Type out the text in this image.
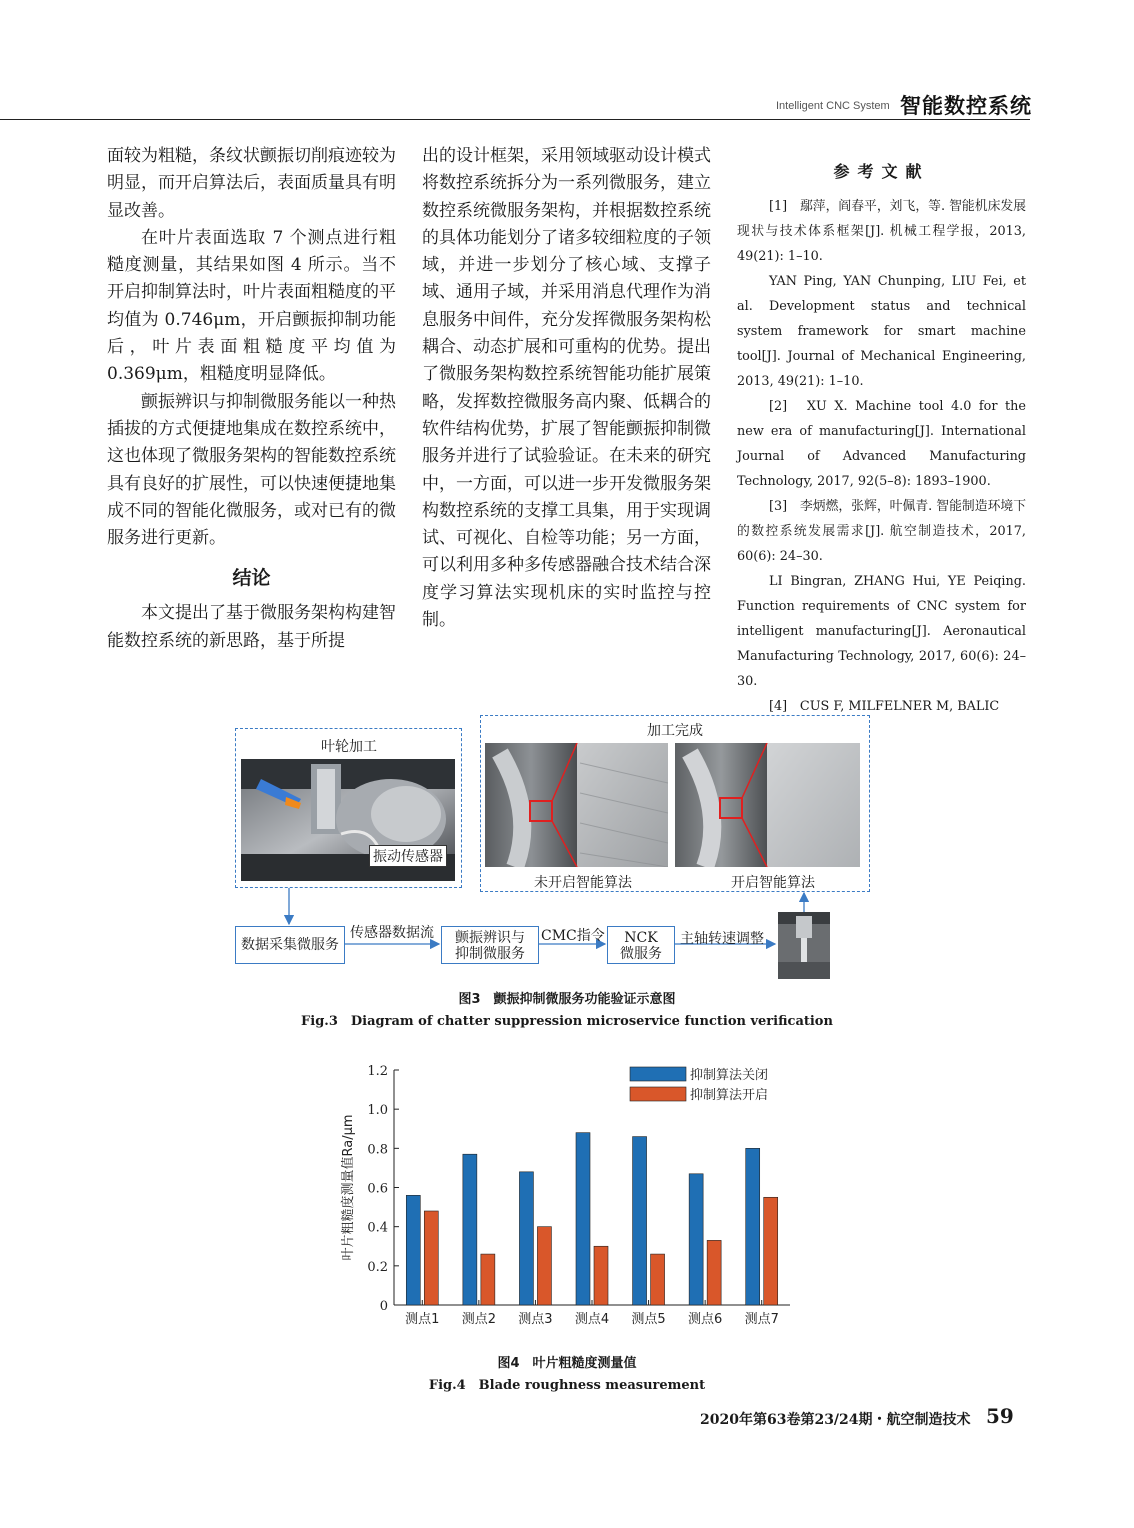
Intelligent CNC System 智能数控系统

面较为粗糙，条纹状颤振切削痕迹较为明显，而开启算法后，表面质量具有明显改善。

在叶片表面选取 7 个测点进行粗糙度测量，其结果如图 4 所示。当不开启抑制算法时，叶片表面粗糙度的平均值为 0.746μm，开启颤振抑制功能后，叶片表面粗糙度平均值为 0.369μm，粗糙度明显降低。

颤振辨识与抑制微服务能以一种热插拔的方式便捷地集成在数控系统中，这也体现了微服务架构的智能数控系统具有良好的扩展性，可以快速便捷地集成不同的智能化微服务，或对已有的微服务进行更新。

结论

本文提出了基于微服务架构构建智能数控系统的新思路，基于所提

出的设计框架，采用领域驱动设计模式将数控系统拆分为一系列微服务，建立数控系统微服务架构，并根据数控系统的具体功能划分了诸多较细粒度的子领域，并进一步划分了核心域、支撑子域、通用子域，并采用消息代理作为消息服务中间件，充分发挥微服务架构松耦合、动态扩展和可重构的优势。提出了微服务架构数控系统智能功能扩展策略，发挥数控微服务高内聚、低耦合的软件结构优势，扩展了智能颤振抑制微服务并进行了试验验证。在未来的研究中，一方面，可以进一步开发微服务架构数控系统的支撑工具集，用于实现调试、可视化、自检等功能；另一方面，可以利用多种多传感器融合技术结合深度学习算法实现机床的实时监控与控制。

参考文献

[1]　鄢萍，阎春平，刘飞，等. 智能机床发展现状与技术体系框架[J]. 机械工程学报，2013, 49(21): 1–10.

YAN Ping, YAN Chunping, LIU Fei, et al. Development status and technical system framework for smart machine tool[J]. Journal of Mechanical Engineering, 2013, 49(21): 1–10.

[2]　XU X. Machine tool 4.0 for the new era of manufacturing[J]. International Journal of Advanced Manufacturing Technology, 2017, 92(5–8): 1893–1900.

[3]　李炳燃，张辉，叶佩青. 智能制造环境下的数控系统发展需求[J]. 航空制造技术，2017, 60(6): 24–30.

LI Bingran, ZHANG Hui, YE Peiqing. Function requirements of CNC system for intelligent manufacturing[J]. Aeronautical Manufacturing Technology, 2017, 60(6): 24–30.

[4]　CUS F, MILFELNER M, BALIC

叶轮加工
振动传感器
加工完成
未开启智能算法	开启智能算法
数据采集微服务
传感器数据流	颤振辨识与
抑制微服务
CMC指令	NCK
微服务
主轴转速调整
图3　颤振抑制微服务功能验证示意图
Fig.3　Diagram of chatter suppression microservice function verification
0
0.2
0.4
0.6
0.8
1.0
1.2
叶片粗糙度测量值Ra/μm
测点1 测点2 测点3 测点4 测点5 测点6 测点7
抑制算法关闭
抑制算法开启
图4　叶片粗糙度测量值
Fig.4　Blade roughness measurement
2020年第63卷第23/24期・航空制造技术 59
